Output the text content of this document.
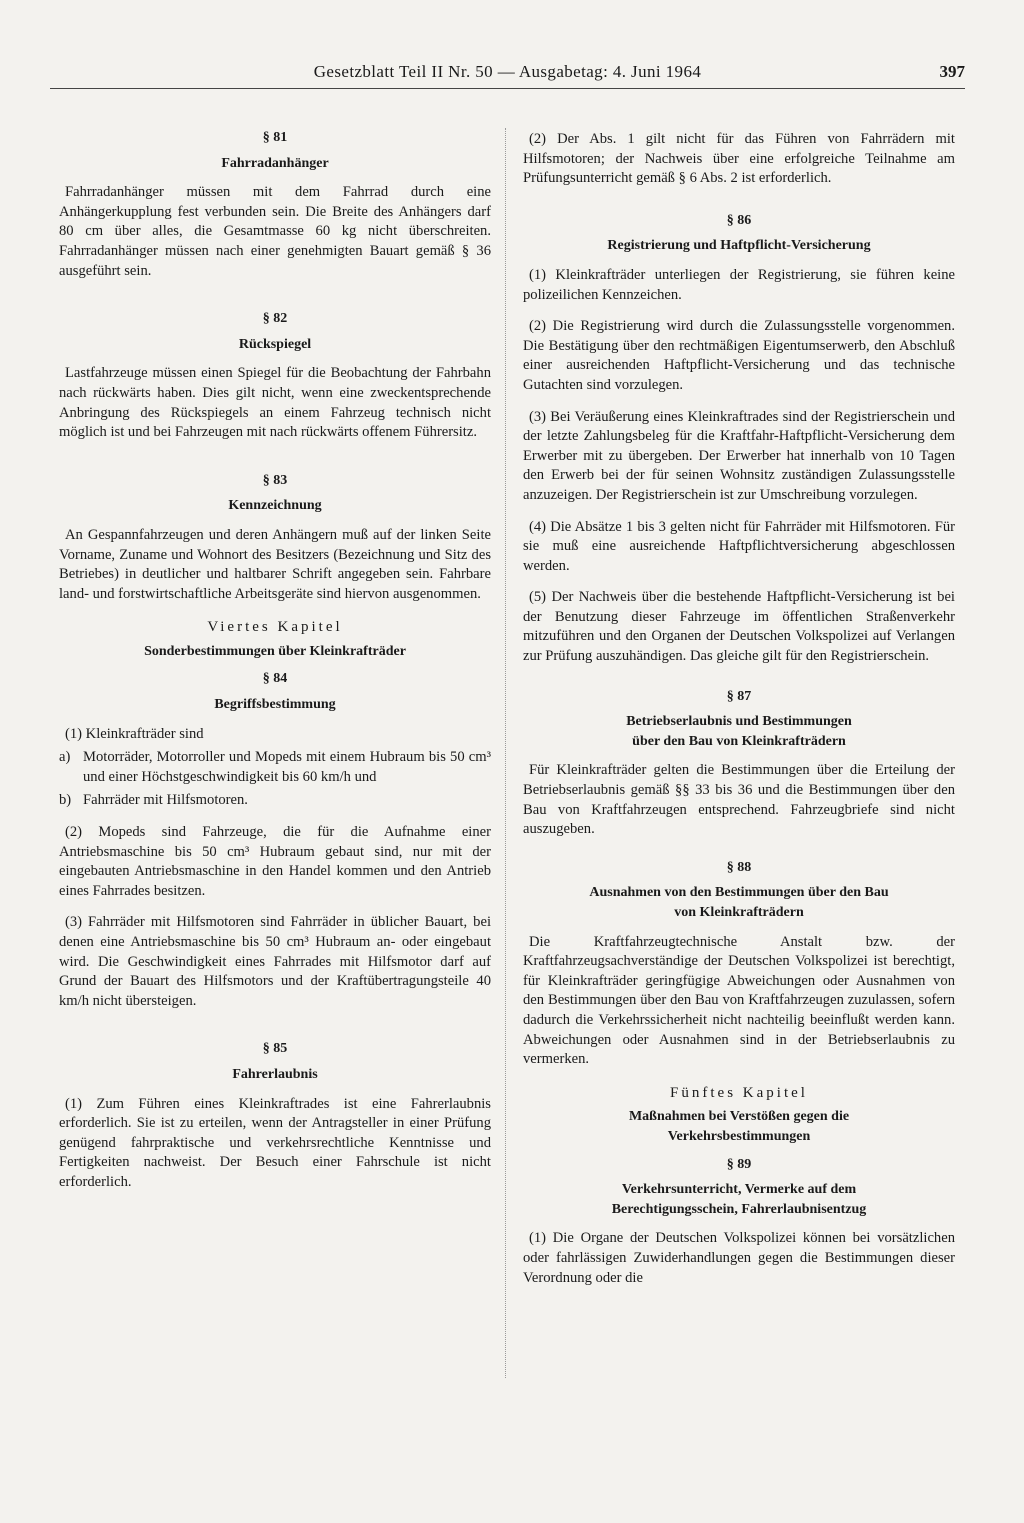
Gesetzblatt Teil II Nr. 50 — Ausgabetag: 4. Juni 1964	397
§ 81
Fahrradanhänger

Fahrradanhänger müssen mit dem Fahrrad durch eine Anhängerkupplung fest verbunden sein. Die Breite des Anhängers darf 80 cm über alles, die Gesamtmasse 60 kg nicht überschreiten. Fahrradanhänger müssen nach einer genehmigten Bauart gemäß § 36 ausgeführt sein.

§ 82
Rückspiegel

Lastfahrzeuge müssen einen Spiegel für die Beobachtung der Fahrbahn nach rückwärts haben. Dies gilt nicht, wenn eine zweckentsprechende Anbringung des Rückspiegels an einem Fahrzeug technisch nicht möglich ist und bei Fahrzeugen mit nach rückwärts offenem Führersitz.

§ 83
Kennzeichnung

An Gespannfahrzeugen und deren Anhängern muß auf der linken Seite Vorname, Zuname und Wohnort des Besitzers (Bezeichnung und Sitz des Betriebes) in deutlicher und haltbarer Schrift angegeben sein. Fahrbare land- und forstwirtschaftliche Arbeitsgeräte sind hiervon ausgenommen.

Viertes Kapitel
Sonderbestimmungen über Kleinkrafträder
§ 84
Begriffsbestimmung

(1) Kleinkrafträder sind

a) Motorräder, Motorroller und Mopeds mit einem Hubraum bis 50 cm³ und einer Höchstgeschwindigkeit bis 60 km/h und
b) Fahrräder mit Hilfsmotoren.

(2) Mopeds sind Fahrzeuge, die für die Aufnahme einer Antriebsmaschine bis 50 cm³ Hubraum gebaut sind, nur mit der eingebauten Antriebsmaschine in den Handel kommen und den Antrieb eines Fahrrades besitzen.

(3) Fahrräder mit Hilfsmotoren sind Fahrräder in üblicher Bauart, bei denen eine Antriebsmaschine bis 50 cm³ Hubraum an- oder eingebaut wird. Die Geschwindigkeit eines Fahrrades mit Hilfsmotor darf auf Grund der Bauart des Hilfsmotors und der Kraftübertragungsteile 40 km/h nicht übersteigen.

§ 85
Fahrerlaubnis

(1) Zum Führen eines Kleinkraftrades ist eine Fahrerlaubnis erforderlich. Sie ist zu erteilen, wenn der Antragsteller in einer Prüfung genügend fahrpraktische und verkehrsrechtliche Kenntnisse und Fertigkeiten nachweist. Der Besuch einer Fahrschule ist nicht erforderlich.

(2) Der Abs. 1 gilt nicht für das Führen von Fahrrädern mit Hilfsmotoren; der Nachweis über eine erfolgreiche Teilnahme am Prüfungsunterricht gemäß § 6 Abs. 2 ist erforderlich.

§ 86
Registrierung und Haftpflicht-Versicherung

(1) Kleinkrafträder unterliegen der Registrierung, sie führen keine polizeilichen Kennzeichen.

(2) Die Registrierung wird durch die Zulassungsstelle vorgenommen. Die Bestätigung über den rechtmäßigen Eigentumserwerb, den Abschluß einer ausreichenden Haftpflicht-Versicherung und das technische Gutachten sind vorzulegen.

(3) Bei Veräußerung eines Kleinkraftrades sind der Registrierschein und der letzte Zahlungsbeleg für die Kraftfahr-Haftpflicht-Versicherung dem Erwerber mit zu übergeben. Der Erwerber hat innerhalb von 10 Tagen den Erwerb bei der für seinen Wohnsitz zuständigen Zulassungsstelle anzuzeigen. Der Registrierschein ist zur Umschreibung vorzulegen.

(4) Die Absätze 1 bis 3 gelten nicht für Fahrräder mit Hilfsmotoren. Für sie muß eine ausreichende Haftpflichtversicherung abgeschlossen werden.

(5) Der Nachweis über die bestehende Haftpflicht-Versicherung ist bei der Benutzung dieser Fahrzeuge im öffentlichen Straßenverkehr mitzuführen und den Organen der Deutschen Volkspolizei auf Verlangen zur Prüfung auszuhändigen. Das gleiche gilt für den Registrierschein.

§ 87
Betriebserlaubnis und Bestimmungen
über den Bau von Kleinkrafträdern

Für Kleinkrafträder gelten die Bestimmungen über die Erteilung der Betriebserlaubnis gemäß §§ 33 bis 36 und die Bestimmungen über den Bau von Kraftfahrzeugen entsprechend. Fahrzeugbriefe sind nicht auszugeben.

§ 88
Ausnahmen von den Bestimmungen über den Bau
von Kleinkrafträdern

Die Kraftfahrzeugtechnische Anstalt bzw. der Kraftfahrzeugsachverständige der Deutschen Volkspolizei ist berechtigt, für Kleinkrafträder geringfügige Abweichungen oder Ausnahmen von den Bestimmungen über den Bau von Kraftfahrzeugen zuzulassen, sofern dadurch die Verkehrssicherheit nicht nachteilig beeinflußt werden kann. Abweichungen oder Ausnahmen sind in der Betriebserlaubnis zu vermerken.

Fünftes Kapitel
Maßnahmen bei Verstößen gegen die
Verkehrsbestimmungen
§ 89
Verkehrsunterricht, Vermerke auf dem
Berechtigungsschein, Fahrerlaubnisentzug

(1) Die Organe der Deutschen Volkspolizei können bei vorsätzlichen oder fahrlässigen Zuwiderhandlungen gegen die Bestimmungen dieser Verordnung oder die
